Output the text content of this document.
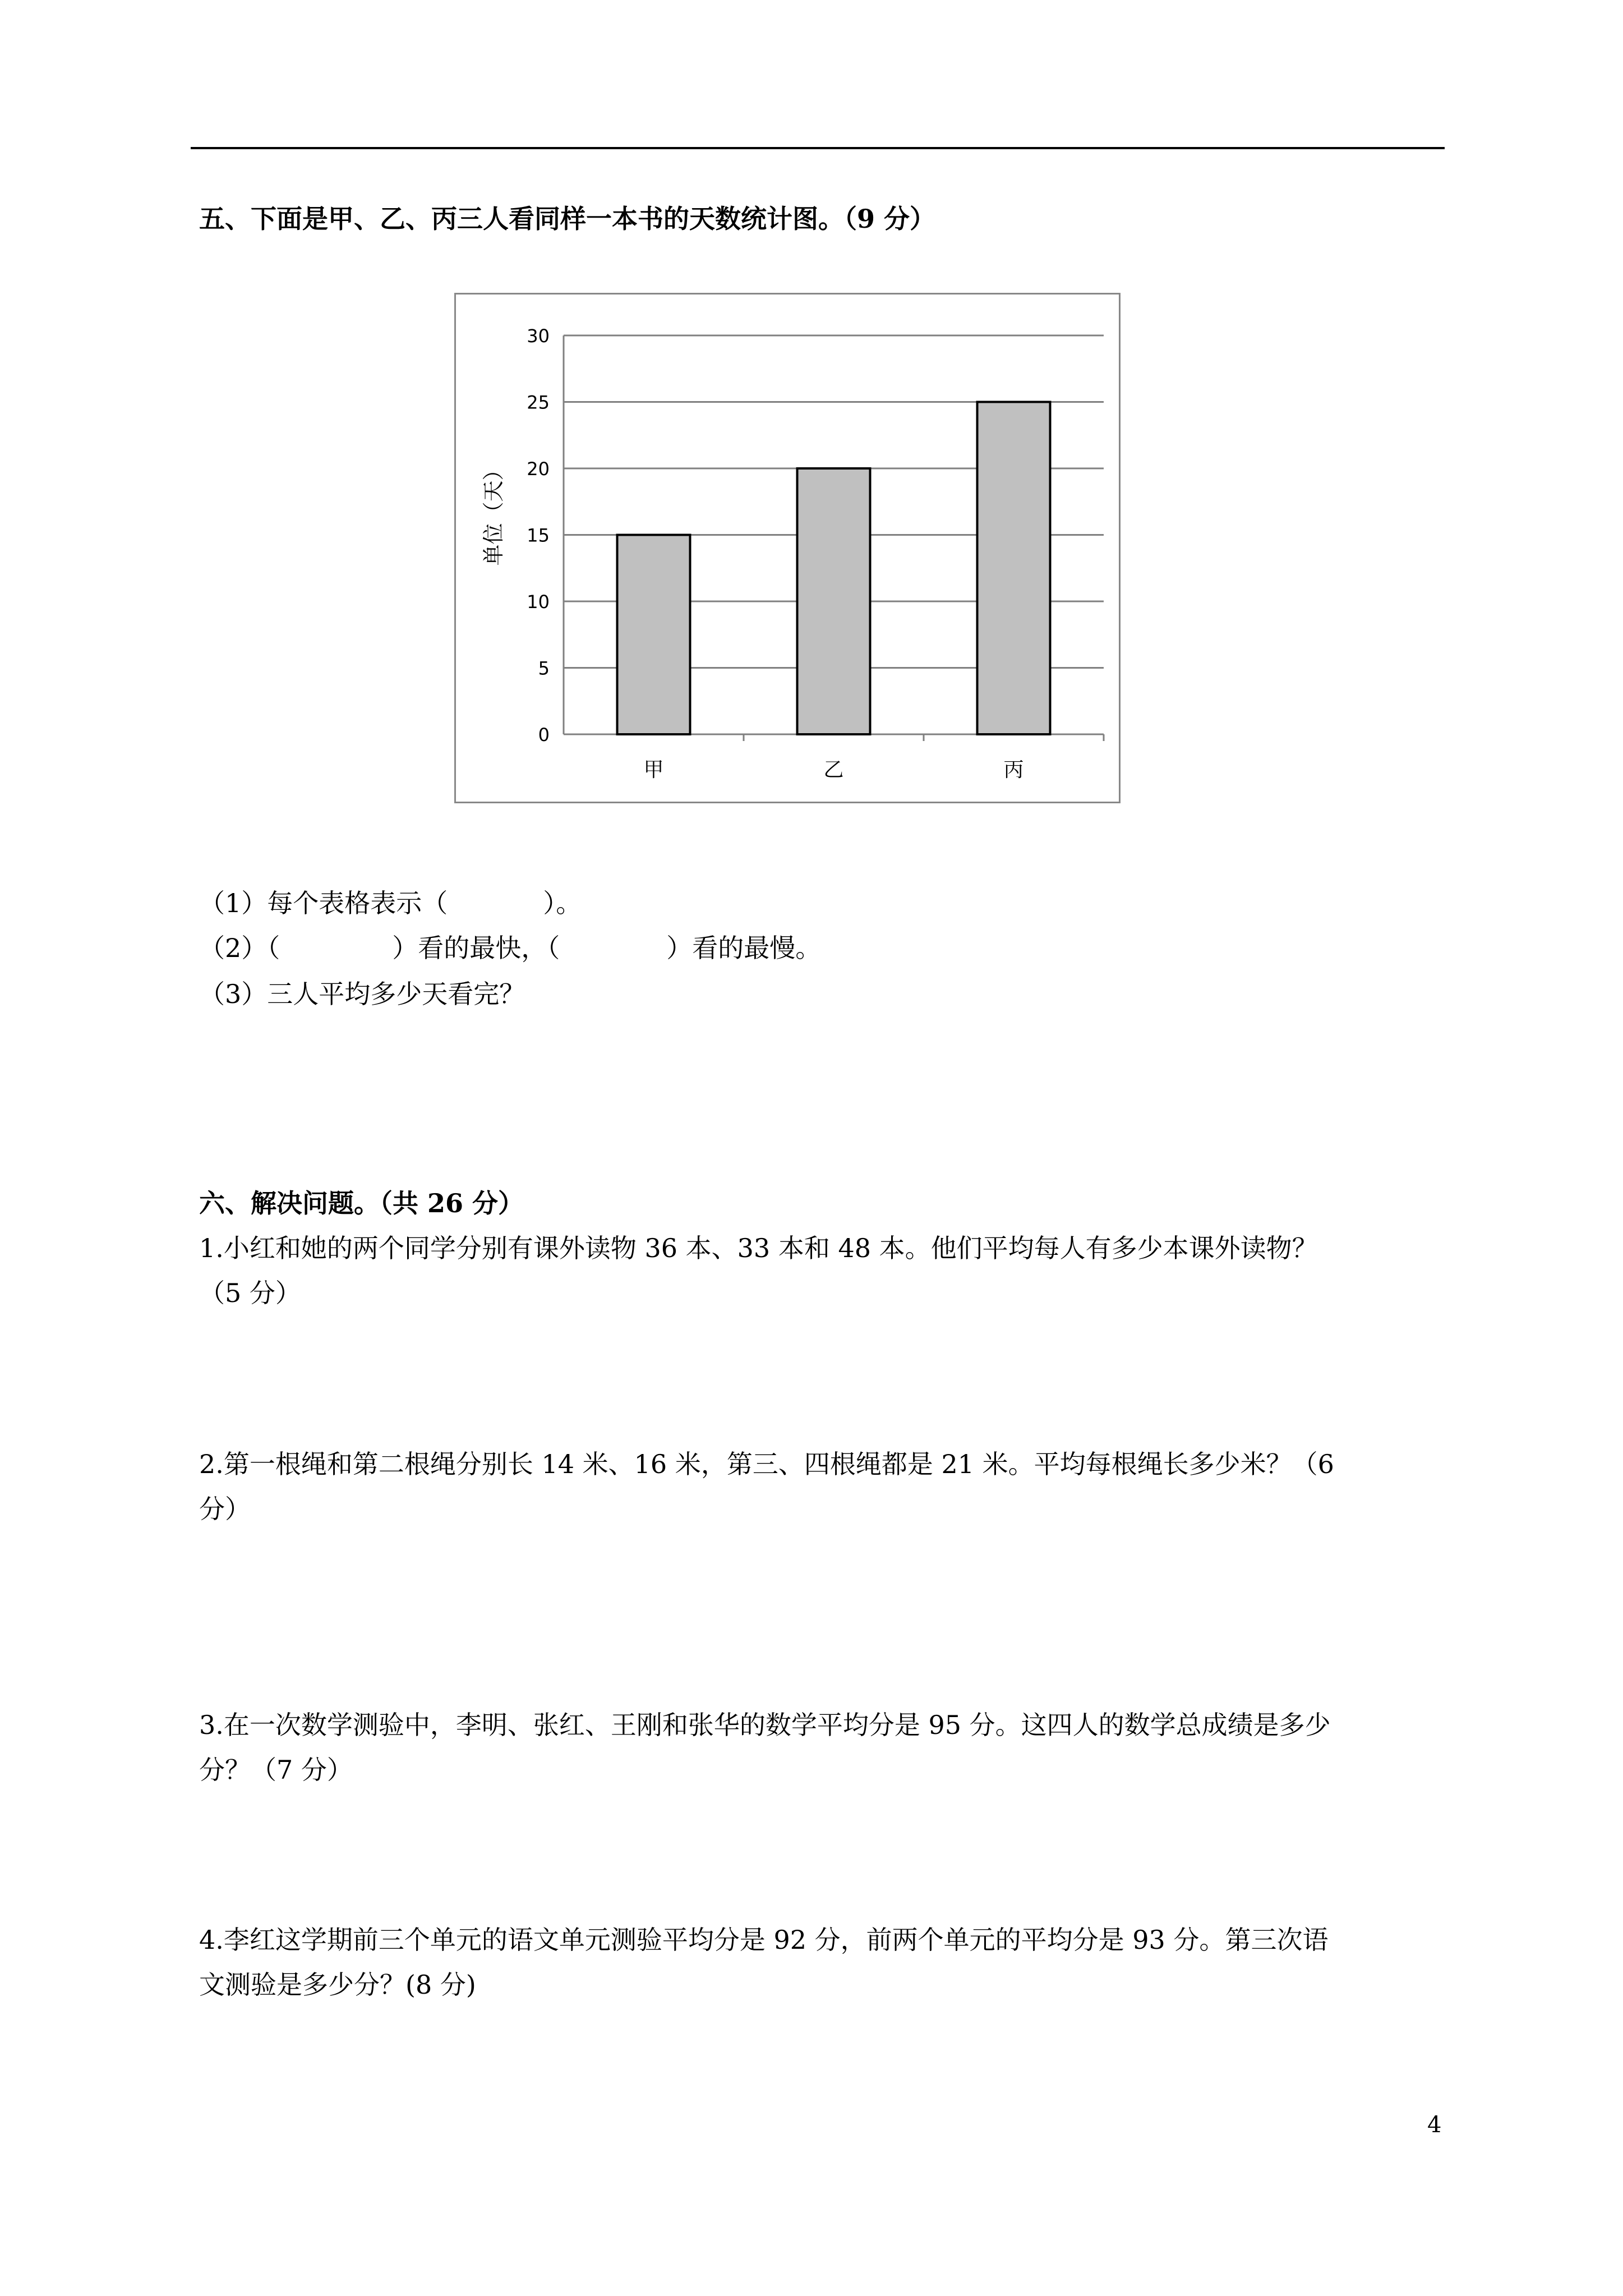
五、下面是甲、乙、丙三人看同样一本书的天数统计图。（9 分）

0
5
10
15
20
25
30
甲	乙	丙
单位（天）

（1）每个表格表示（	）。

（2）（	）看的最快，（	）看的最慢。

（3）三人平均多少天看完？

六、解决问题。（共 26 分）

1.小红和她的两个同学分别有课外读物 36 本、33 本和 48 本。他们平均每人有多少本课外读物？

（5 分）

2.第一根绳和第二根绳分别长 14 米、16 米，第三、四根绳都是 21 米。平均每根绳长多少米？（6

分）

3.在一次数学测验中，李明、张红、王刚和张华的数学平均分是 95 分。这四人的数学总成绩是多少

分？（7 分）

4.李红这学期前三个单元的语文单元测验平均分是 92 分，前两个单元的平均分是 93 分。第三次语

文测验是多少分？(8 分)

4
